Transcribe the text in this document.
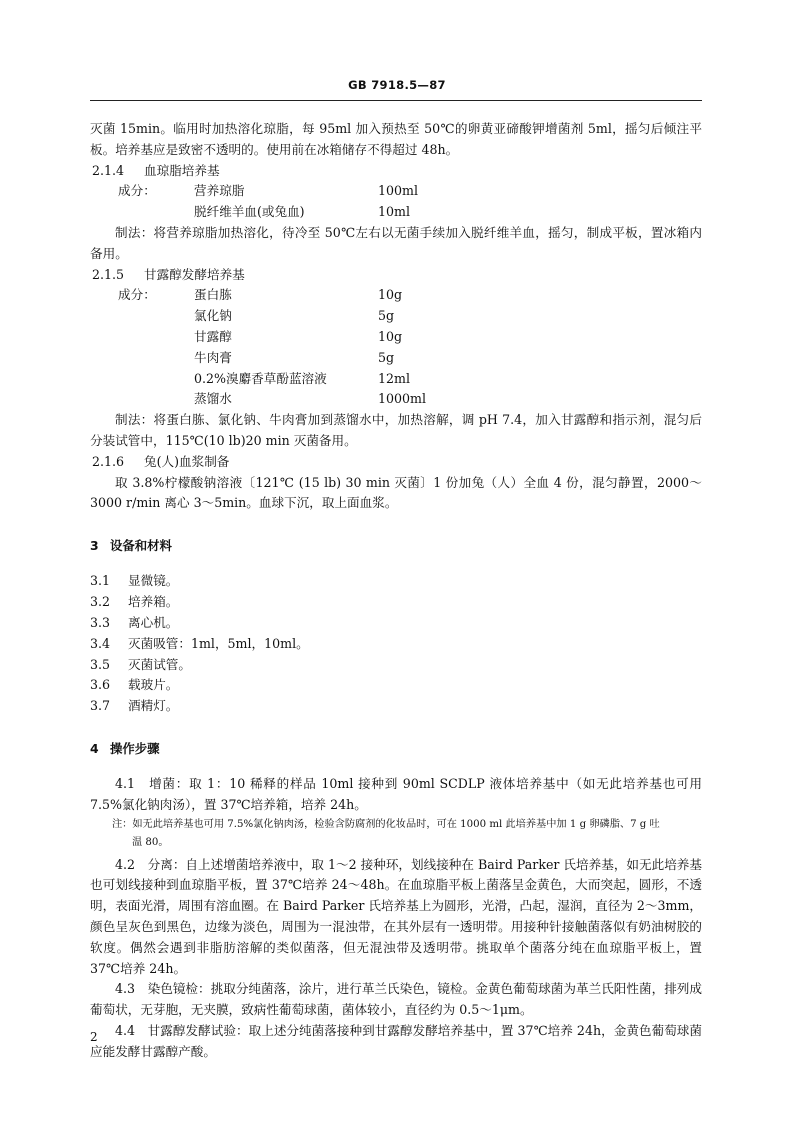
GB 7918.5—87

灭菌 15min。临用时加热溶化琼脂，每 95ml 加入预热至 50℃的卵黄亚碲酸钾增菌剂 5ml，摇匀后倾注平板。培养基应是致密不透明的。使用前在冰箱储存不得超过 48h。

2.1.4 血琼脂培养基

成分：	营养琼脂	100ml

脱纤维羊血(或兔血)	10ml

制法：将营养琼脂加热溶化，待冷至 50℃左右以无菌手续加入脱纤维羊血，摇匀，制成平板，置冰箱内备用。

2.1.5 甘露醇发酵培养基

成分：	蛋白胨	10g

氯化钠	5g

甘露醇	10g

牛肉膏	5g

0.2%溴麝香草酚蓝溶液	12ml

蒸馏水	1000ml

制法：将蛋白胨、氯化钠、牛肉膏加到蒸馏水中，加热溶解，调 pH 7.4，加入甘露醇和指示剂，混匀后分装试管中，115℃(10 lb)20 min 灭菌备用。

2.1.6 兔(人)血浆制备

取 3.8%柠檬酸钠溶液〔121℃ (15 lb) 30 min 灭菌〕1 份加兔（人）全血 4 份，混匀静置，2000～3000 r/min 离心 3～5min。血球下沉，取上面血浆。

3 设备和材料

3.1 显微镜。

3.2 培养箱。

3.3 离心机。

3.4 灭菌吸管：1ml，5ml，10ml。

3.5 灭菌试管。

3.6 载玻片。

3.7 酒精灯。

4 操作步骤

4.1　增菌：取 1：10 稀释的样品 10ml 接种到 90ml SCDLP 液体培养基中（如无此培养基也可用 7.5%氯化钠肉汤），置 37℃培养箱，培养 24h。

注：如无此培养基也可用 7.5%氯化钠肉汤，检验含防腐剂的化妆品时，可在 1000 ml 此培养基中加 1 g 卵磷脂、7 g 吐

温 80。

4.2　分离：自上述增菌培养液中，取 1～2 接种环，划线接种在 Baird Parker 氏培养基，如无此培养基也可划线接种到血琼脂平板，置 37℃培养 24～48h。在血琼脂平板上菌落呈金黄色，大而突起，圆形，不透明，表面光滑，周围有溶血圈。在 Baird Parker 氏培养基上为圆形，光滑，凸起，湿润，直径为 2～3mm，颜色呈灰色到黑色，边缘为淡色，周围为一混浊带，在其外层有一透明带。用接种针接触菌落似有奶油树胶的软度。偶然会遇到非脂肪溶解的类似菌落，但无混浊带及透明带。挑取单个菌落分纯在血琼脂平板上，置 37℃培养 24h。

4.3　染色镜检：挑取分纯菌落，涂片，进行革兰氏染色，镜检。金黄色葡萄球菌为革兰氏阳性菌，排列成葡萄状，无芽胞，无夹膜，致病性葡萄球菌，菌体较小，直径约为 0.5～1μm。

4.4　甘露醇发酵试验：取上述分纯菌落接种到甘露醇发酵培养基中，置 37℃培养 24h，金黄色葡萄球菌应能发酵甘露醇产酸。

2
